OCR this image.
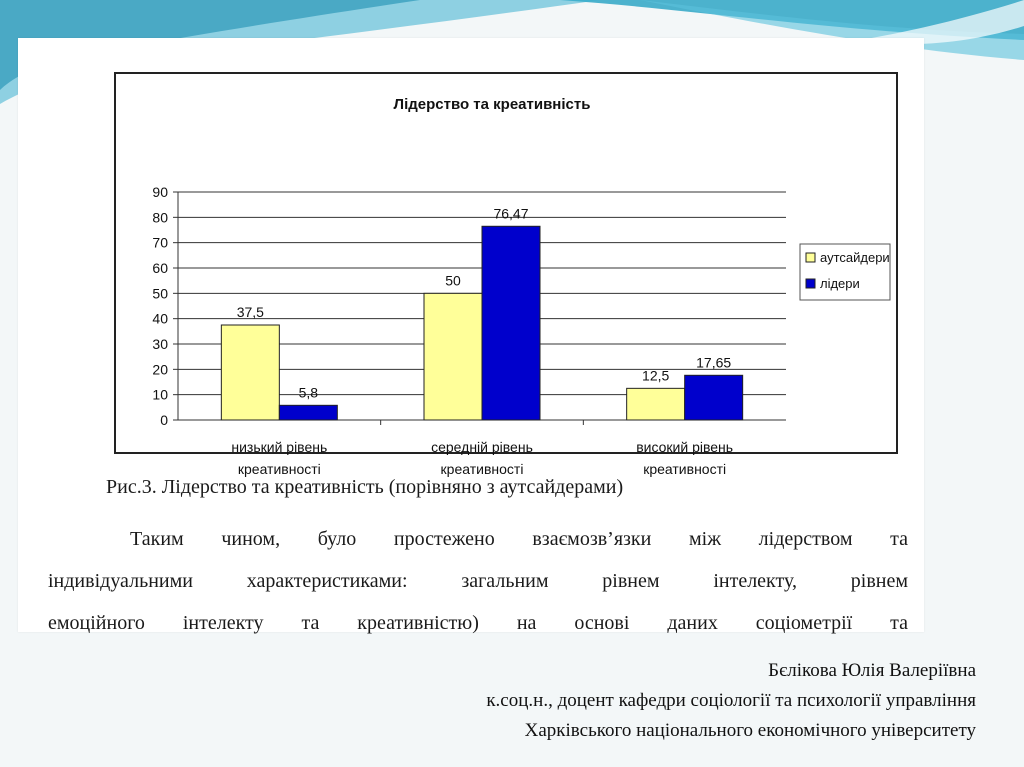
Лідерство та креативність
0
10
20
30
40
50
60
70
80
90
37,5
5,8
50
76,47
12,5
17,65
низький рівень
креативності
середній рівень
креативності
високий рівень
креативності
аутсайдери
лідери
Рис.3. Лідерство та креативність (порівняно з аутсайдерами)
Таким чином, було простежено взаємозв’язки між лідерством та
індивідуальними характеристиками: загальним рівнем інтелекту, рівнем
емоційного інтелекту та креативністю) на основі даних соціометрії та
Бєлікова Юлія Валеріївна
к.соц.н., доцент кафедри соціології та психології управління
Харківського національного економічного університету
